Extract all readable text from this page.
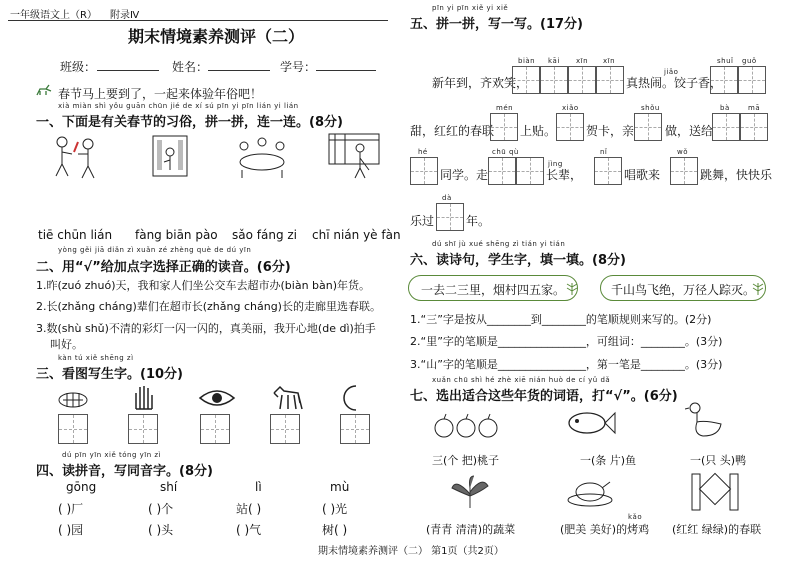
一年级语文上（R） 附录Ⅳ
期末情境素养测评（二）
班级：	姓名：	学号：
春节马上要到了，一起来体验年俗吧！
xià miàn shì yǒu guān chūn jié de xí sú pīn yi pīn lián yi lián
一、下面是有关春节的习俗，拼一拼，连一连。(8分)
tiē chūn lián fàng biān pào sǎo fáng zi chī nián yè fàn
yòng gěi jiā diǎn zì xuǎn zé zhèng què de dú yīn
二、用“√”给加点字选择正确的读音。(6分)
1.昨(zuó zhuó)天，我和家人们坐公交车去超市办(biàn bàn)年货。
2.长(zhǎng cháng)辈们在超市长(zhǎng cháng)长的走廊里选春联。
3.数(shù shǔ)不清的彩灯一闪一闪的，真美丽，我开心地(de dì)拍手
叫好。
kàn tú xiě shēng zì
三、看图写生字。(10分)
dú pīn yīn xiě tóng yīn zì
四、读拼音，写同音字。(8分)
gōng	shí	lì	mù
( )厂	( )个	站( )	( )光
( )园	( )头	( )气	树( )
期末情境素养测评（二） 第1页（共2页）
pīn yi pīn xiě yi xiě
五、拼一拼，写一写。(17分)
新年到，齐欢笑，
biàn kāi xīn xīn
真热闹。饺子香，
jiǎo
shuǐ guǒ
甜，红红的春联
mén
上贴。
xiǎo
贺卡，亲
shǒu
做，送给
bà	mā
hé
同学。走
chū qù
jìng
长辈，
nǐ
唱歌来
wǒ
跳舞，快快乐
乐过
dà
年。
dú shī jù xué shēng zì tián yi tián
六、读诗句，学生字，填一填。(8分)
一去二三里，烟村四五家。	千山鸟飞绝，万径人踪灭。
1.“三”字是按从________到________的笔顺规则来写的。(2分)
2.“里”字的笔顺是________________，可组词：________。(3分)
3.“山”字的笔顺是________________，第一笔是________。(3分)
xuǎn chū shì hé zhè xiē nián huò de cí yǔ dǎ
七、选出适合这些年货的词语，打“√”。(6分)
三(个 把)桃子	一(条 片)鱼	一(只 头)鸭
kǎo
(青青 清清)的蔬菜	(肥美 美好)的烤鸡 (红红 绿绿)的春联
